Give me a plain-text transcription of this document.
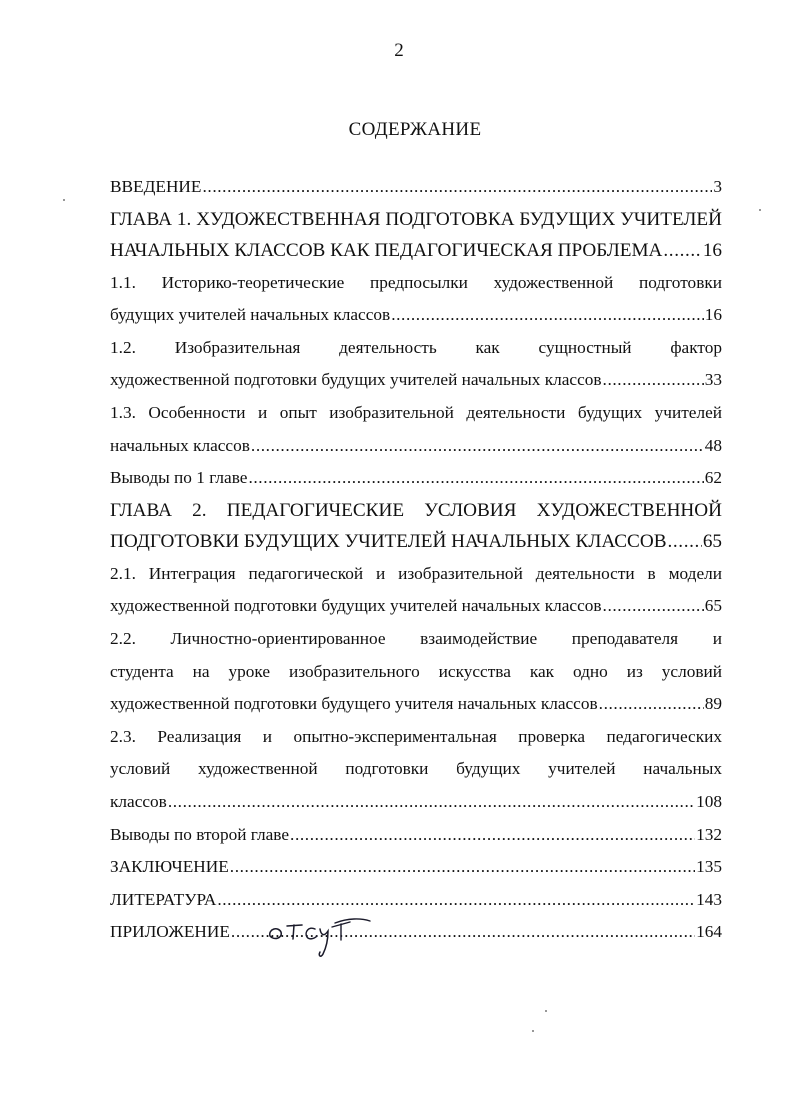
2
СОДЕРЖАНИЕ
ВВЕДЕНИЕ .....	3
ГЛАВА 1. ХУДОЖЕСТВЕННАЯ ПОДГОТОВКА БУДУЩИХ УЧИТЕЛЕЙ
НАЧАЛЬНЫХ КЛАССОВ КАК ПЕДАГОГИЧЕСКАЯ ПРОБЛЕМА ..... 16
1.1. Историко-теоретические предпосылки художественной подготовки
будущих учителей начальных классов .....	16
1.2. Изобразительная деятельность как сущностный фактор
художественной подготовки будущих учителей начальных классов .....	33
1.3. Особенности и опыт изобразительной деятельности будущих учителей
начальных классов .....	48
Выводы по 1 главе .....	62
ГЛАВА 2. ПЕДАГОГИЧЕСКИЕ УСЛОВИЯ ХУДОЖЕСТВЕННОЙ
ПОДГОТОВКИ БУДУЩИХ УЧИТЕЛЕЙ НАЧАЛЬНЫХ КЛАССОВ ..... 65
2.1. Интеграция педагогической и изобразительной деятельности в модели
художественной подготовки будущих учителей начальных классов .....	65
2.2. Личностно-ориентированное взаимодействие преподавателя и
студента на уроке изобразительного искусства как одно из условий
художественной подготовки будущего учителя начальных классов .....	89
2.3. Реализация и опытно-экспериментальная проверка педагогических
условий художественной подготовки будущих учителей начальных
классов .....	108
Выводы по второй главе .....	132
ЗАКЛЮЧЕНИЕ .....	135
ЛИТЕРАТУРА .....	143
ПРИЛОЖЕНИЕ .....	164
